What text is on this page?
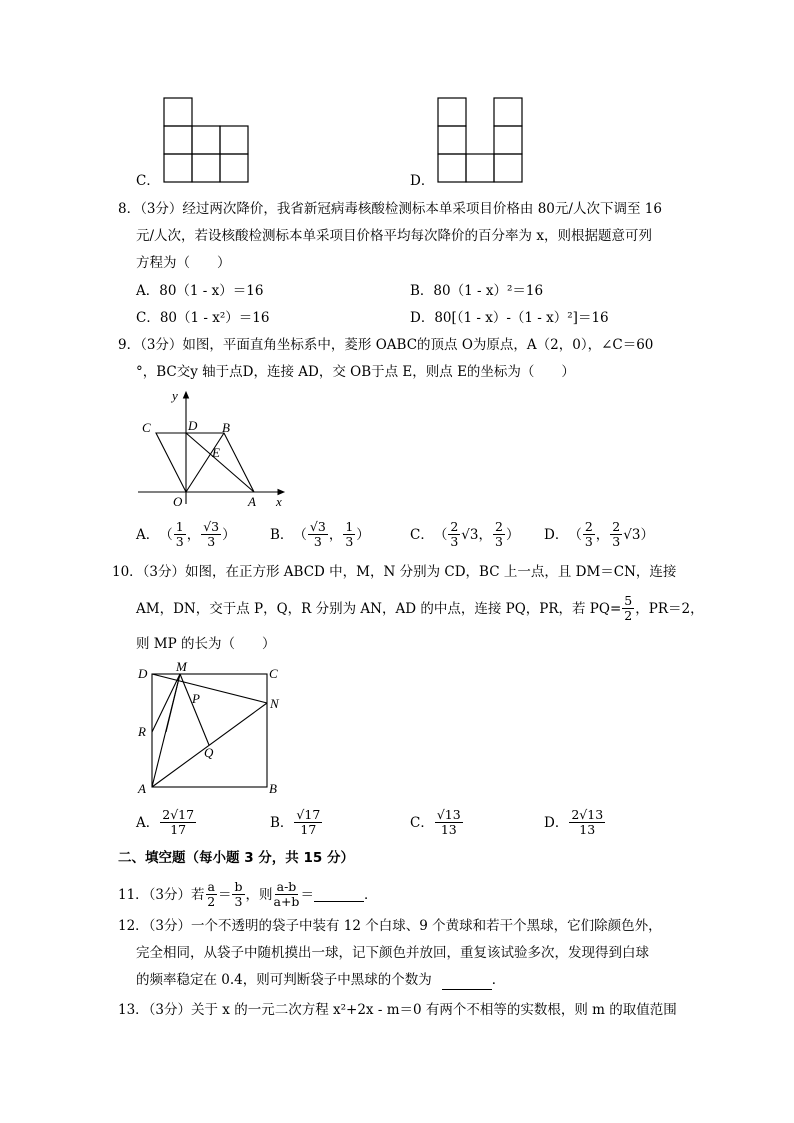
C．	D．
8．（3分）经过两次降价，我省新冠病毒核酸检测标本单采项目价格由 80元/人次下调至 16
元/人次，若设核酸检测标本单采项目价格平均每次降价的百分率为 x，则根据题意可列
方程为（　　）
A．80（1 - x）＝16	B．80（1 - x）²＝16
C．80（1 - x²）＝16	D．80[（1 - x）-（1 - x）²]＝16
9．（3分）如图，平面直角坐标系中，菱形 OABC的顶点 O为原点，A（2，0），∠C＝60
°，BC交y 轴于点D，连接 AD，交 OB于点 E，则点 E的坐标为（　　）
y
x
C	D B
E
O	A
A． （ $\frac{1}{3}$ ， $\frac{√3}{3}$ ）	B． （ $\frac{√3}{3}$ ， $\frac{1}{3}$ ）	C． （ $\frac{2}{3} √3$ ， $\frac{2}{3}$ ） D． （ $\frac{2}{3}$ ， $\frac{2}{3} √3$ ）
10．（3分）如图，在正方形 ABCD 中，M，N 分别为 CD，BC 上一点，且 DM＝CN，连接
AM，DN，交于点 P，Q，R 分别为 AN，AD 的中点，连接 PQ，PR，若 $PQ= \frac{5}{2}$ ，PR＝2，
则 MP 的长为（　　）
D M	C
P	N
R
Q
A	B
A． $\frac{2√17}{17}$	B． $\frac{√17}{17}$	C． $\frac{√13}{13}$	D． $\frac{2√13}{13}$
二、填空题（每小题 3 分，共 15 分）
11．（3分）若 $\frac{a}{2} = \frac{b}{3}$ ，则 $\frac{a-b}{a+b}$ ＝	．
12．（3分）一个不透明的袋子中装有 12 个白球、9 个黄球和若干个黑球，它们除颜色外，
完全相同，从袋子中随机摸出一球，记下颜色并放回，重复该试验多次，发现得到白球
的频率稳定在 0.4，则可判断袋子中黑球的个数为	．
13．（3分）关于 x 的一元二次方程 x²+2x - m＝0 有两个不相等的实数根，则 m 的取值范围
